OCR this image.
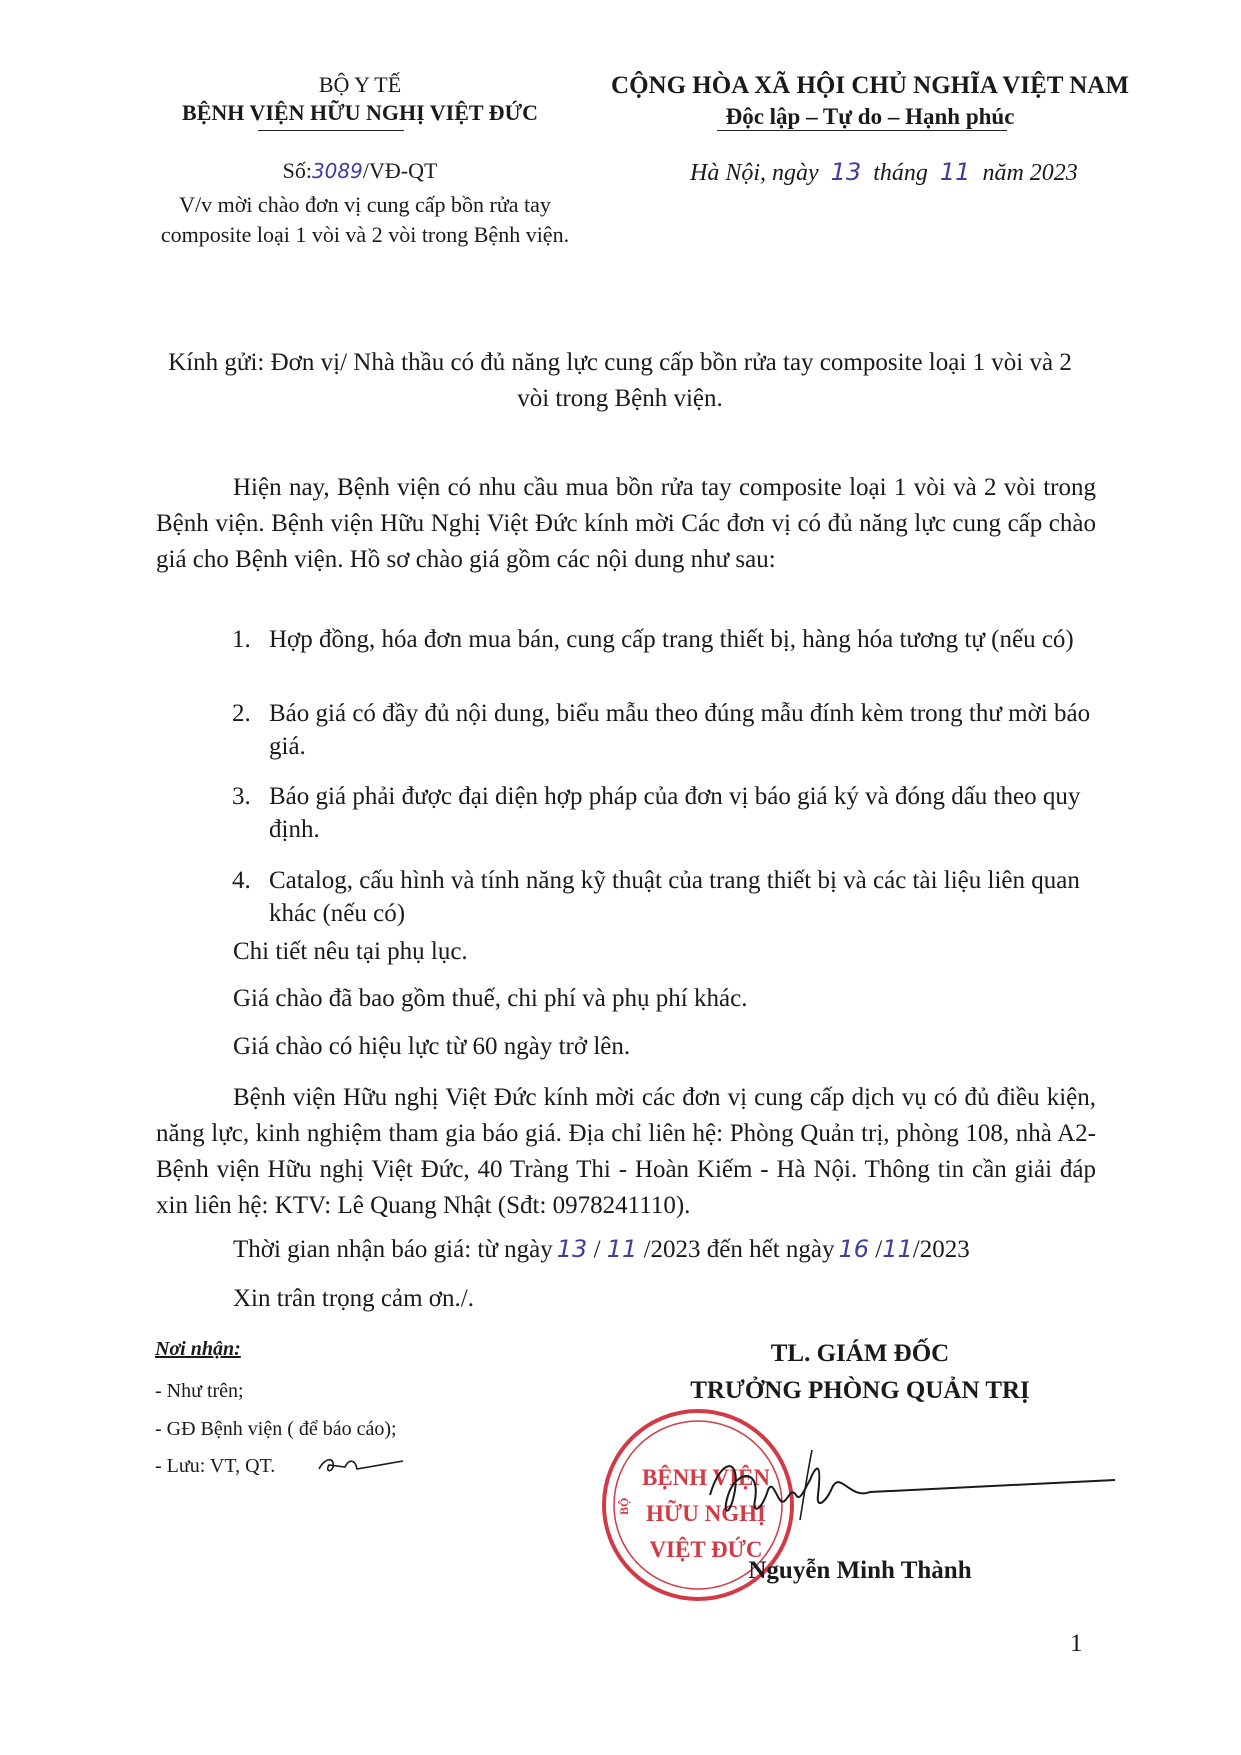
BỘ Y TẾ
BỆNH VIỆN HỮU NGHỊ VIỆT ĐỨC
Số:3089/VĐ-QT
V/v mời chào đơn vị cung cấp bồn rửa tay composite loại 1 vòi và 2 vòi trong Bệnh viện.
CỘNG HÒA XÃ HỘI CHỦ NGHĨA VIỆT NAM
Độc lập – Tự do – Hạnh phúc
Hà Nội, ngày 13 tháng 11 năm 2023
Kính gửi: Đơn vị/ Nhà thầu có đủ năng lực cung cấp bồn rửa tay composite loại 1 vòi và 2 vòi trong Bệnh viện.
Hiện nay, Bệnh viện có nhu cầu mua bồn rửa tay composite loại 1 vòi và 2 vòi trong Bệnh viện. Bệnh viện Hữu Nghị Việt Đức kính mời Các đơn vị có đủ năng lực cung cấp chào giá cho Bệnh viện. Hồ sơ chào giá gồm các nội dung như sau:
1. Hợp đồng, hóa đơn mua bán, cung cấp trang thiết bị, hàng hóa tương tự (nếu có)
2. Báo giá có đầy đủ nội dung, biểu mẫu theo đúng mẫu đính kèm trong thư mời báo giá.
3. Báo giá phải được đại diện hợp pháp của đơn vị báo giá ký và đóng dấu theo quy định.
4. Catalog, cấu hình và tính năng kỹ thuật của trang thiết bị và các tài liệu liên quan khác (nếu có)
Chi tiết nêu tại phụ lục.
Giá chào đã bao gồm thuế, chi phí và phụ phí khác.
Giá chào có hiệu lực từ 60 ngày trở lên.
Bệnh viện Hữu nghị Việt Đức kính mời các đơn vị cung cấp dịch vụ có đủ điều kiện, năng lực, kinh nghiệm tham gia báo giá. Địa chỉ liên hệ: Phòng Quản trị, phòng 108, nhà A2- Bệnh viện Hữu nghị Việt Đức, 40 Tràng Thi - Hoàn Kiếm - Hà Nội. Thông tin cần giải đáp xin liên hệ: KTV: Lê Quang Nhật (Sđt: 0978241110).
Thời gian nhận báo giá: từ ngày 13 / 11 /2023 đến hết ngày 16 /11/2023
Xin trân trọng cảm ơn./.
Nơi nhận:
- Như trên;
- GĐ Bệnh viện ( để báo cáo);
- Lưu: VT, QT.
TL. GIÁM ĐỐC
TRƯỞNG PHÒNG QUẢN TRỊ
BỆNH VIỆN
HỮU NGHỊ
VIỆT ĐỨC
BỘ
Nguyễn Minh Thành
1
